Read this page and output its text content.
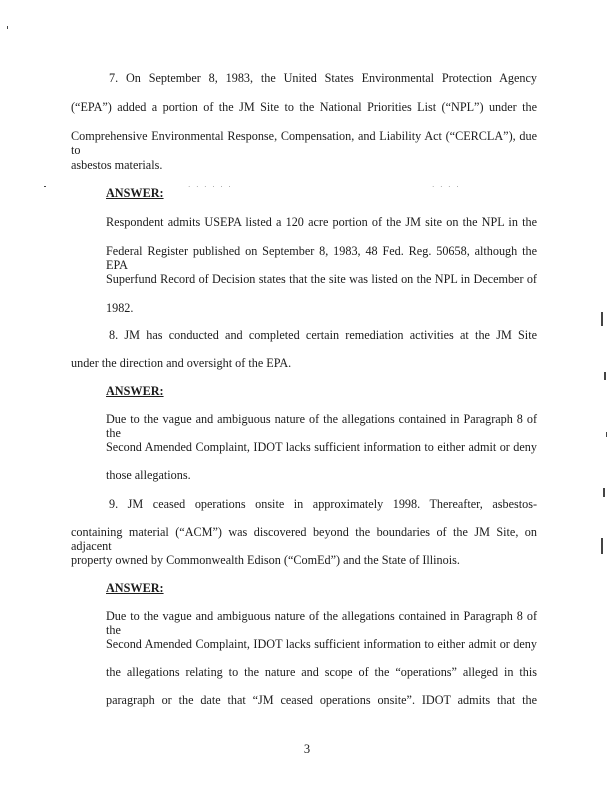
7. On September 8, 1983, the United States Environmental Protection Agency
(“EPA”) added a portion of the JM Site to the National Priorities List (“NPL”) under the
Comprehensive Environmental Response, Compensation, and Liability Act (“CERCLA”), due to
asbestos materials.
ANSWER:	· · · · · ·	· · · ·
Respondent admits USEPA listed a 120 acre portion of the JM site on the NPL in the
Federal Register published on September 8, 1983, 48 Fed. Reg. 50658, although the EPA
Superfund Record of Decision states that the site was listed on the NPL in December of
1982.
8. JM has conducted and completed certain remediation activities at the JM Site
under the direction and oversight of the EPA.
ANSWER:
Due to the vague and ambiguous nature of the allegations contained in Paragraph 8 of the
Second Amended Complaint, IDOT lacks sufficient information to either admit or deny
those allegations.
9. JM ceased operations onsite in approximately 1998. Thereafter, asbestos-
containing material (“ACM”) was discovered beyond the boundaries of the JM Site, on adjacent
property owned by Commonwealth Edison (“ComEd”) and the State of Illinois.
ANSWER:
Due to the vague and ambiguous nature of the allegations contained in Paragraph 8 of the
Second Amended Complaint, IDOT lacks sufficient information to either admit or deny
the allegations relating to the nature and scope of the “operations” alleged in this
paragraph or the date that “JM ceased operations onsite”. IDOT admits that the
3
